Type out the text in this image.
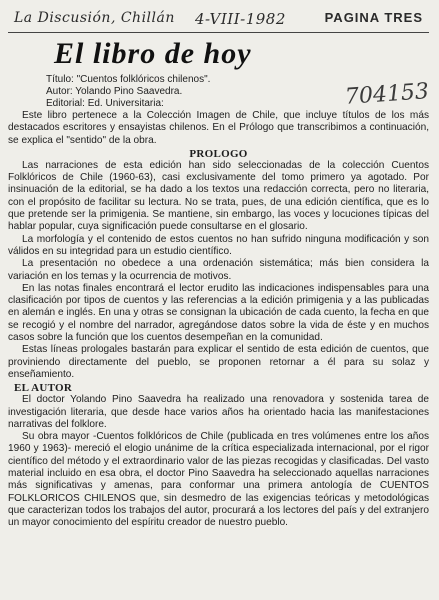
La Discusión, Chillán 4-VIII-1982	PAGINA TRES
704153
El libro de hoy
Título: "Cuentos folklóricos chilenos".
Autor: Yolando Pino Saavedra.
Editorial: Ed. Universitaria:

Este libro pertenece a la Colección Imagen de Chile, que incluye títulos de los más destacados escritores y ensayistas chilenos. En el Prólogo que transcribimos a continuación, se explica el "sentido" de la obra.

PROLOGO

Las narraciones de esta edición han sido seleccionadas de la colección Cuentos Folklóricos de Chile (1960-63), casi exclusivamente del tomo primero ya agotado. Por insinuación de la editorial, se ha dado a los textos una redacción correcta, pero no literaria, con el propósito de facilitar su lectura. No se trata, pues, de una edición científica, que es lo que pretende ser la primigenia. Se mantiene, sin embargo, las voces y locuciones típicas del hablar popular, cuya significación puede consultarse en el glosario.

La morfología y el contenido de estos cuentos no han sufrido ninguna modificación y son válidos en su integridad para un estudio científico.

La presentación no obedece a una ordenación sistemática; más bien considera la variación en los temas y la ocurrencia de motivos.

En las notas finales encontrará el lector erudito las indicaciones indispensables para una clasificación por tipos de cuentos y las referencias a la edición primigenia y a las publicadas en alemán e inglés. En una y otras se consignan la ubicación de cada cuento, la fecha en que se recogió y el nombre del narrador, agregándose datos sobre la vida de éste y en muchos casos sobre la función que los cuentos desempeñan en la comunidad.

Estas líneas prologales bastarán para explicar el sentido de esta edición de cuentos, que proviniendo directamente del pueblo, se proponen retornar a él para su solaz y enseñamiento.

EL AUTOR

El doctor Yolando Pino Saavedra ha realizado una renovadora y sostenida tarea de investigación literaria, que desde hace varios años ha orientado hacia las manifestaciones narrativas del folklore.

Su obra mayor -Cuentos folklóricos de Chile (publicada en tres volúmenes entre los años 1960 y 1963)- mereció el elogio unánime de la crítica especializada internacional, por el rigor científico del método y el extraordinario valor de las piezas recogidas y clasificadas. Del vasto material incluido en esa obra, el doctor Pino Saavedra ha seleccionado aquellas narraciones más significativas y amenas, para conformar una primera antología de CUENTOS FOLKLORICOS CHILENOS que, sin desmedro de las exigencias teóricas y metodológicas que caracterizan todos los trabajos del autor, procurará a los lectores del país y del extranjero un mayor conocimiento del espíritu creador de nuestro pueblo.
